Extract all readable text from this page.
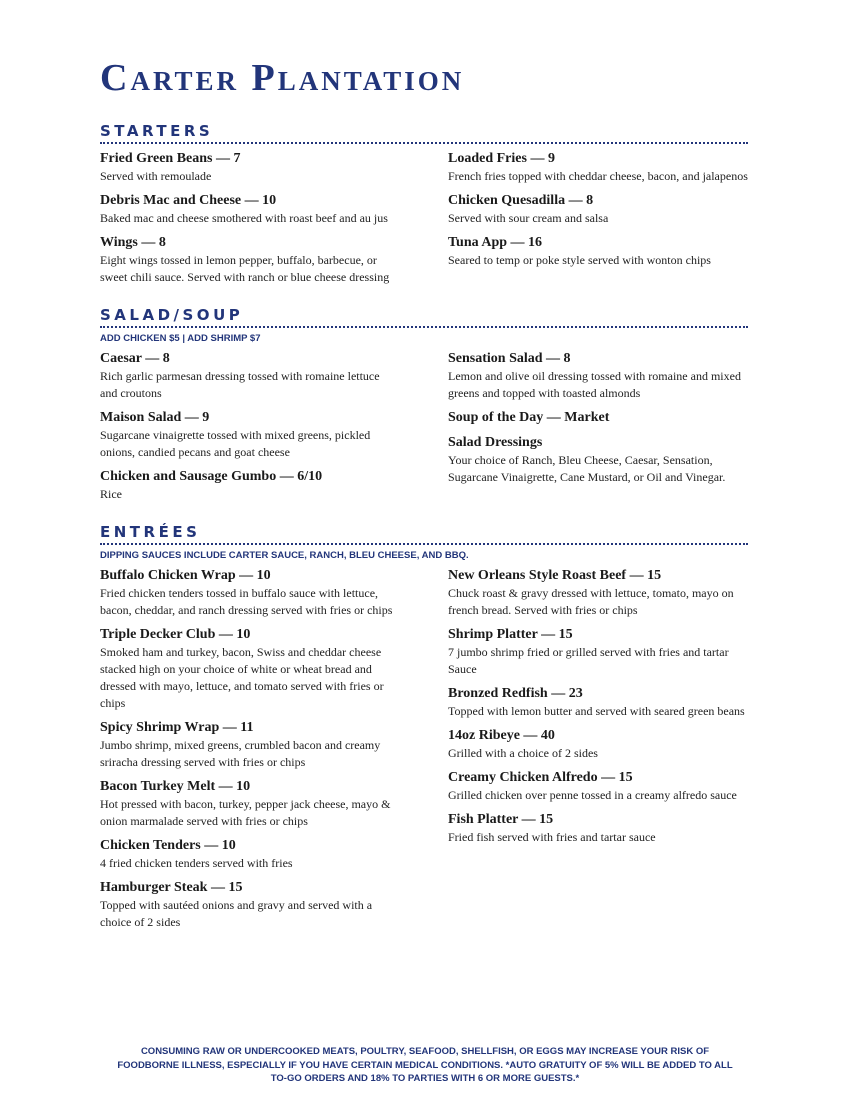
Carter Plantation
STARTERS
Fried Green Beans — 7
Served with remoulade
Debris Mac and Cheese — 10
Baked mac and cheese smothered with roast beef and au jus
Wings — 8
Eight wings tossed in lemon pepper, buffalo, barbecue, or sweet chili sauce. Served with ranch or blue cheese dressing
Loaded Fries — 9
French fries topped with cheddar cheese, bacon, and jalapenos
Chicken Quesadilla — 8
Served with sour cream and salsa
Tuna App — 16
Seared to temp or poke style served with wonton chips
SALAD/SOUP
ADD CHICKEN $5 | ADD SHRIMP $7
Caesar — 8
Rich garlic parmesan dressing tossed with romaine lettuce and croutons
Maison Salad — 9
Sugarcane vinaigrette tossed with mixed greens, pickled onions, candied pecans and goat cheese
Chicken and Sausage Gumbo — 6/10
Rice
Sensation Salad — 8
Lemon and olive oil dressing tossed with romaine and mixed greens and topped with toasted almonds
Soup of the Day — Market
Salad Dressings
Your choice of Ranch, Bleu Cheese, Caesar, Sensation, Sugarcane Vinaigrette, Cane Mustard, or Oil and Vinegar.
ENTRÉES
DIPPING SAUCES INCLUDE CARTER SAUCE, RANCH, BLEU CHEESE, AND BBQ.
Buffalo Chicken Wrap — 10
Fried chicken tenders tossed in buffalo sauce with lettuce, bacon, cheddar, and ranch dressing served with fries or chips
Triple Decker Club — 10
Smoked ham and turkey, bacon, Swiss and cheddar cheese stacked high on your choice of white or wheat bread and dressed with mayo, lettuce, and tomato served with fries or chips
Spicy Shrimp Wrap — 11
Jumbo shrimp, mixed greens, crumbled bacon and creamy sriracha dressing served with fries or chips
Bacon Turkey Melt — 10
Hot pressed with bacon, turkey, pepper jack cheese, mayo & onion marmalade served with fries or chips
Chicken Tenders — 10
4 fried chicken tenders served with fries
Hamburger Steak — 15
Topped with sautéed onions and gravy and served with a choice of 2 sides
New Orleans Style Roast Beef — 15
Chuck roast & gravy dressed with lettuce, tomato, mayo on french bread. Served with fries or chips
Shrimp Platter — 15
7 jumbo shrimp fried or grilled served with fries and tartar Sauce
Bronzed Redfish — 23
Topped with lemon butter and served with seared green beans
14oz Ribeye — 40
Grilled with a choice of 2 sides
Creamy Chicken Alfredo — 15
Grilled chicken over penne tossed in a creamy alfredo sauce
Fish Platter — 15
Fried fish served with fries and tartar sauce
CONSUMING RAW OR UNDERCOOKED MEATS, POULTRY, SEAFOOD, SHELLFISH, OR EGGS MAY INCREASE YOUR RISK OF FOODBORNE ILLNESS, ESPECIALLY IF YOU HAVE CERTAIN MEDICAL CONDITIONS. *AUTO GRATUITY OF 5% WILL BE ADDED TO ALL TO-GO ORDERS AND 18% TO PARTIES WITH 6 OR MORE GUESTS.*
